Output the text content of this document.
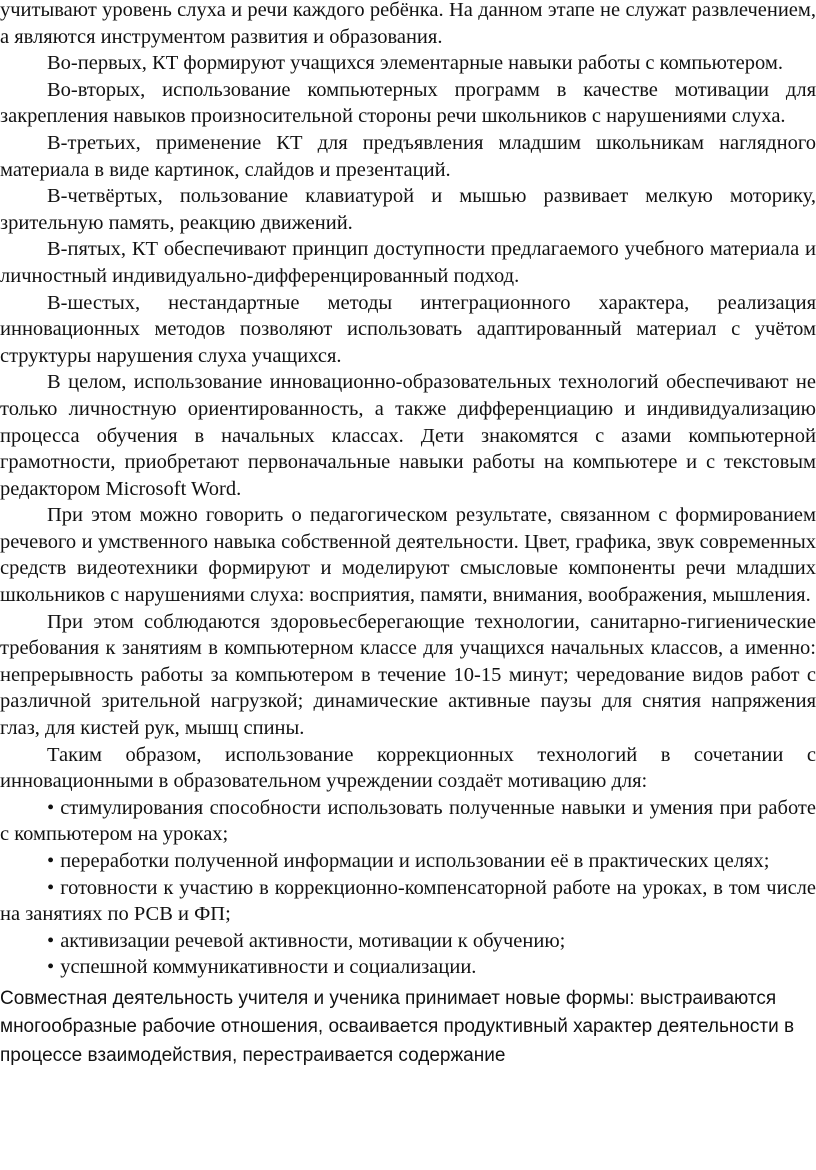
учитывают уровень слуха и речи каждого ребёнка. На данном этапе не служат развлечением, а являются инструментом развития и образования.

Во-первых, КТ формируют учащихся элементарные навыки работы с компьютером.

Во-вторых, использование компьютерных программ в качестве мотивации для закрепления навыков произносительной стороны речи школьников с нарушениями слуха.

В-третьих, применение КТ для предъявления младшим школьникам наглядного материала в виде картинок, слайдов и презентаций.

В-четвёртых, пользование клавиатурой и мышью развивает мелкую моторику, зрительную память, реакцию движений.

В-пятых, КТ обеспечивают принцип доступности предлагаемого учебного материала и личностный индивидуально-дифференцированный подход.

В-шестых, нестандартные методы интеграционного характера, реализация инновационных методов позволяют использовать адаптированный материал с учётом структуры нарушения слуха учащихся.

В целом, использование инновационно-образовательных технологий обеспечивают не только личностную ориентированность, а также дифференциацию и индивидуализацию процесса обучения в начальных классах. Дети знакомятся с азами компьютерной грамотности, приобретают первоначальные навыки работы на компьютере и с текстовым редактором Microsoft Word.

При этом можно говорить о педагогическом результате, связанном с формированием речевого и умственного навыка собственной деятельности. Цвет, графика, звук современных средств видеотехники формируют и моделируют смысловые компоненты речи младших школьников с нарушениями слуха: восприятия, памяти, внимания, воображения, мышления.

При этом соблюдаются здоровьесберегающие технологии, санитарно-гигиенические требования к занятиям в компьютерном классе для учащихся начальных классов, а именно: непрерывность работы за компьютером в течение 10-15 минут; чередование видов работ с различной зрительной нагрузкой; динамические активные паузы для снятия напряжения глаз, для кистей рук, мышц спины.

Таким образом, использование коррекционных технологий в сочетании с инновационными в образовательном учреждении создаёт мотивацию для:

• стимулирования способности использовать полученные навыки и умения при работе с компьютером на уроках;

• переработки полученной информации и использовании её в практических целях;

• готовности к участию в коррекционно-компенсаторной работе на уроках, в том числе на занятиях по РСВ и ФП;

• активизации речевой активности, мотивации к обучению;

• успешной коммуникативности и социализации.

Совместная деятельность учителя и ученика принимает новые формы: выстраиваются многообразные рабочие отношения, осваивается продуктивный характер деятельности в процессе взаимодействия, перестраивается содержание
